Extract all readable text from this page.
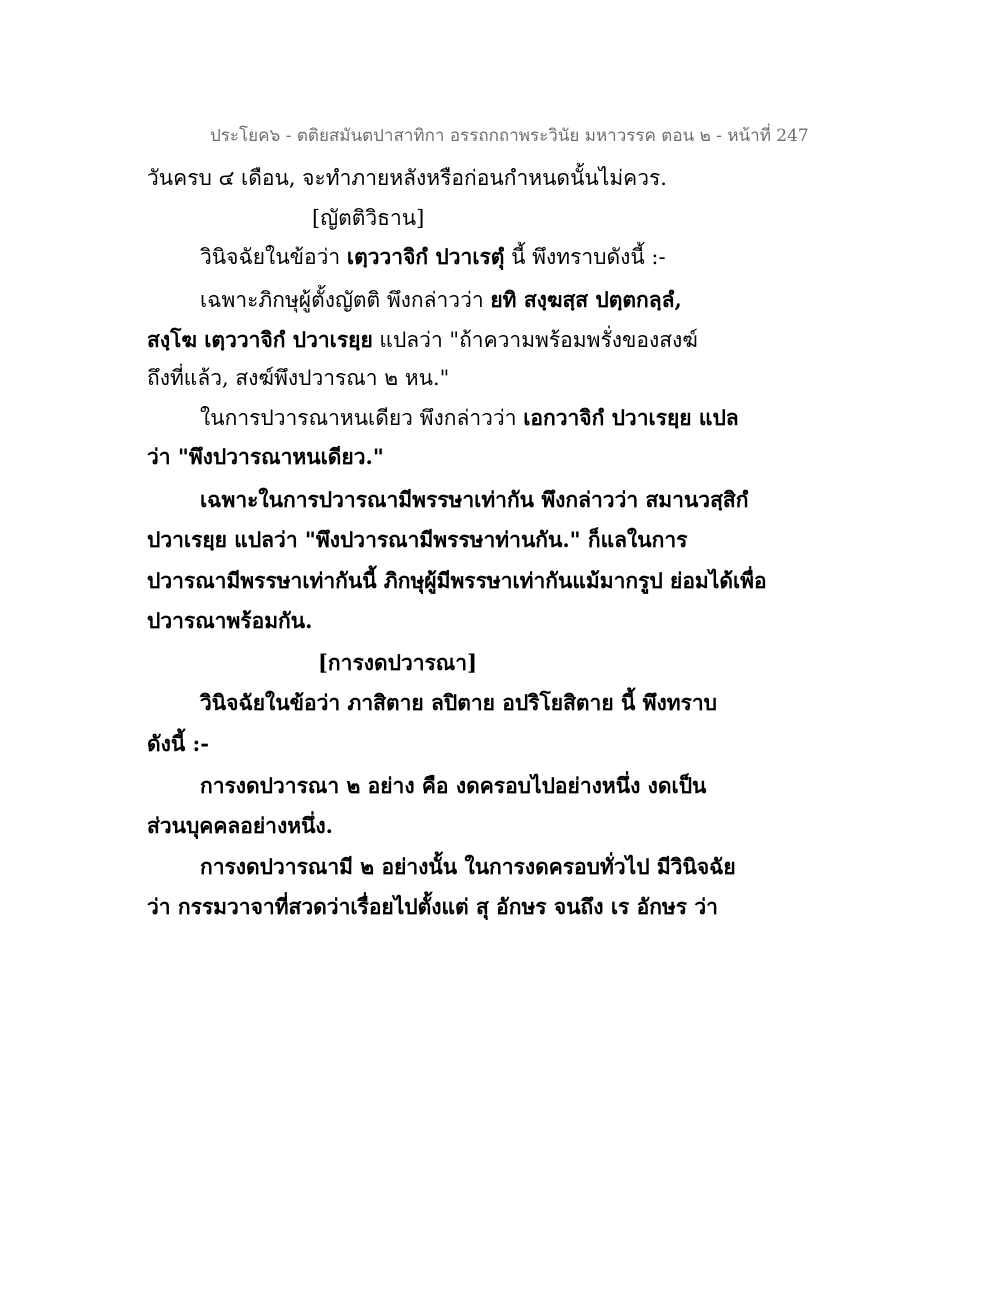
ประโยค๖ - ตติยสมันตปาสาทิกา อรรถกถาพระวินัย มหาวรรค ตอน ๒ - หน้าที่ 247
วันครบ ๔ เดือน, จะทำภายหลังหรือก่อนกำหนดนั้นไม่ควร.
[ญัตติวิธาน]
วินิจฉัยในข้อว่า เตฺววาจิกํ ปวาเรตุํ นี้ พึงทราบดังนี้ :-
เฉพาะภิกษุผู้ตั้งญัตติ พึงกล่าวว่า ยทิ สงฺฆสฺส ปตฺตกลฺลํ,
สงฺโฆ เตฺววาจิกํ ปวาเรยฺย แปลว่า "ถ้าความพร้อมพรั่งของสงฆ์
ถึงที่แล้ว, สงฆ์พึงปวารณา ๒ หน."
ในการปวารณาหนเดียว พึงกล่าวว่า เอกวาจิกํ ปวาเรยฺย แปล
ว่า "พึงปวารณาหนเดียว."
เฉพาะในการปวารณามีพรรษาเท่ากัน พึงกล่าวว่า สมานวสฺสิกํ
ปวาเรยฺย แปลว่า "พึงปวารณามีพรรษาท่านกัน." ก็แลในการ
ปวารณามีพรรษาเท่ากันนี้ ภิกษุผู้มีพรรษาเท่ากันแม้มากรูป ย่อมได้เพื่อ
ปวารณาพร้อมกัน.
[การงดปวารณา]
วินิจฉัยในข้อว่า ภาสิตาย ลปิตาย อปริโยสิตาย นี้ พึงทราบ
ดังนี้ :-
การงดปวารณา ๒ อย่าง คือ งดครอบไปอย่างหนึ่ง งดเป็น
ส่วนบุคคลอย่างหนึ่ง.
การงดปวารณามี ๒ อย่างนั้น ในการงดครอบทั่วไป มีวินิจฉัย
ว่า กรรมวาจาที่สวดว่าเรื่อยไปตั้งแต่ สุ อักษร จนถึง เร อักษร ว่า
